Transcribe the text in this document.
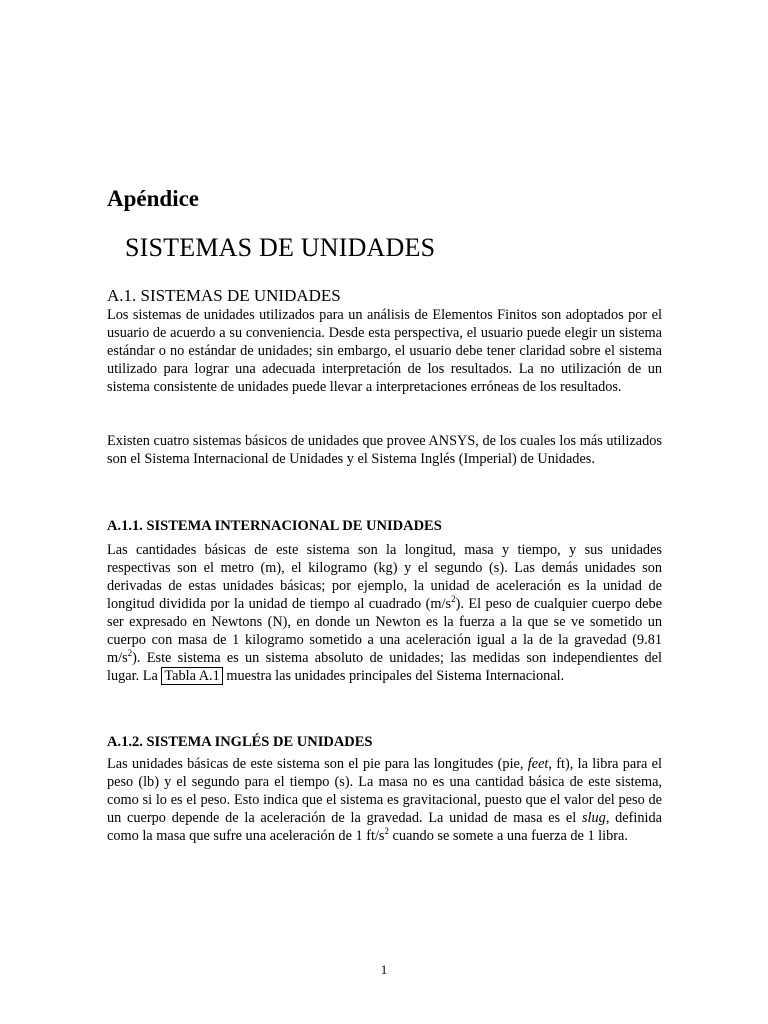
Apéndice
SISTEMAS DE UNIDADES
A.1. SISTEMAS DE UNIDADES

Los sistemas de unidades utilizados para un análisis de Elementos Finitos son adoptados por el usuario de acuerdo a su conveniencia. Desde esta perspectiva, el usuario puede elegir un sistema estándar o no estándar de unidades; sin embargo, el usuario debe tener claridad sobre el sistema utilizado para lograr una adecuada interpretación de los resultados. La no utilización de un sistema consistente de unidades puede llevar a interpretaciones erróneas de los resultados.

Existen cuatro sistemas básicos de unidades que provee ANSYS, de los cuales los más utilizados son el Sistema Internacional de Unidades y el Sistema Inglés (Imperial) de Unidades.

A.1.1. SISTEMA INTERNACIONAL DE UNIDADES

Las cantidades básicas de este sistema son la longitud, masa y tiempo, y sus unidades respectivas son el metro (m), el kilogramo (kg) y el segundo (s). Las demás unidades son derivadas de estas unidades básicas; por ejemplo, la unidad de aceleración es la unidad de longitud dividida por la unidad de tiempo al cuadrado $(m/s^2)$. El peso de cualquier cuerpo debe ser expresado en Newtons (N), en donde un Newton es la fuerza a la que se ve sometido un cuerpo con masa de 1 kilogramo sometido a una aceleración igual a la de la gravedad (9.81 $m/s^2$). Este sistema es un sistema absoluto de unidades; las medidas son independientes del lugar. La Tabla A.1 muestra las unidades principales del Sistema Internacional.

A.1.2. SISTEMA INGLÉS DE UNIDADES

Las unidades básicas de este sistema son el pie para las longitudes (pie, feet, ft), la libra para el peso (lb) y el segundo para el tiempo (s). La masa no es una cantidad básica de este sistema, como si lo es el peso. Esto indica que el sistema es gravitacional, puesto que el valor del peso de un cuerpo depende de la aceleración de la gravedad. La unidad de masa es el slug, definida como la masa que sufre una aceleración de 1 $ft/s^2$ cuando se somete a una fuerza de 1 libra.

1
